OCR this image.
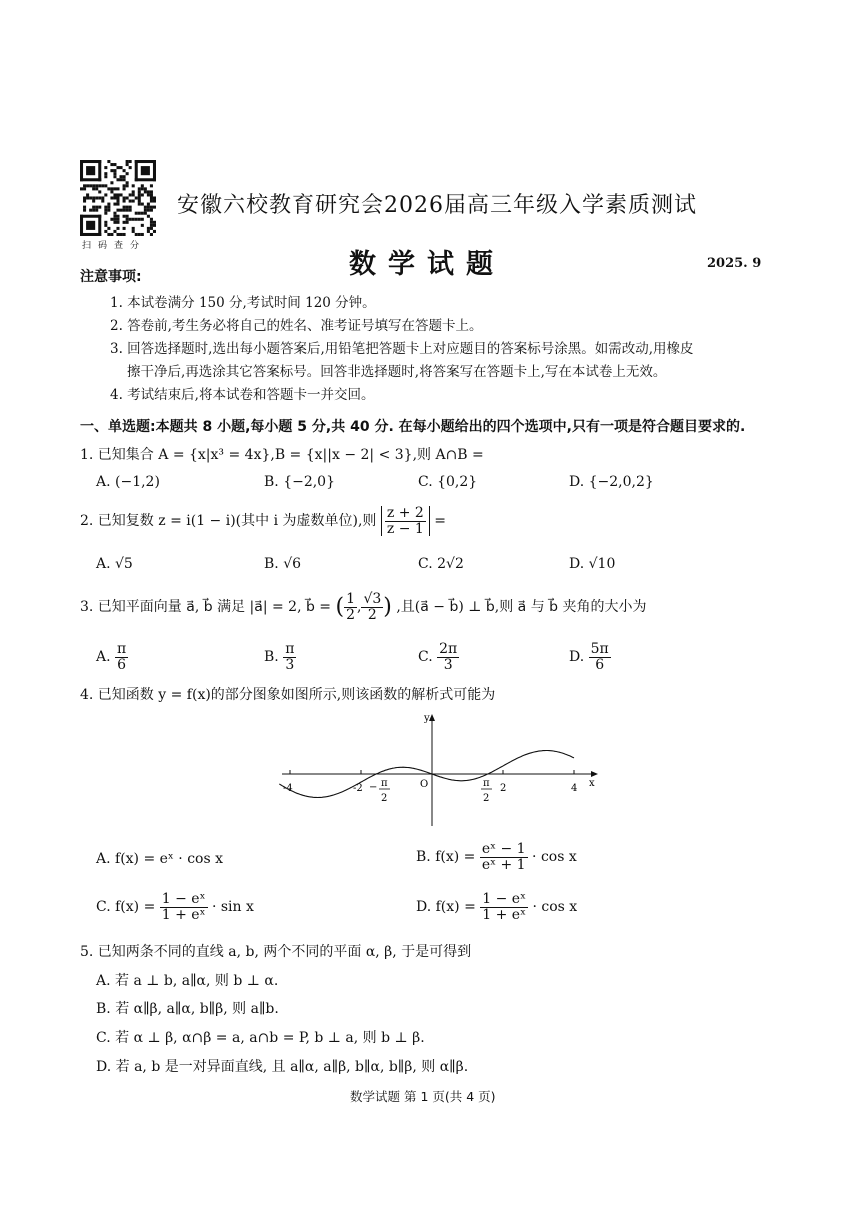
扫码查分
安徽六校教育研究会2026届高三年级入学素质测试
数学试题	2025. 9
注意事项:
1. 本试卷满分 150 分,考试时间 120 分钟。
2. 答卷前,考生务必将自己的姓名、准考证号填写在答题卡上。
3. 回答选择题时,选出每小题答案后,用铅笔把答题卡上对应题目的答案标号涂黑。如需改动,用橡皮
擦干净后,再选涂其它答案标号。回答非选择题时,将答案写在答题卡上,写在本试卷上无效。
4. 考试结束后,将本试卷和答题卡一并交回。
一、单选题:本题共 8 小题,每小题 5 分,共 40 分. 在每小题给出的四个选项中,只有一项是符合题目要求的.
1. 已知集合 A = {x|x³ = 4x},B = {x||x − 2| < 3},则 A∩B =
A. (−1,2)	B. {−2,0}	C. {0,2}	D. {−2,0,2}
2. 已知复数 z = i(1 − i)(其中 i 为虚数单位),则 $\frac{z + 2}{z - 1}$ =
A. √5	B. √6	C. 2√2	D. √10
3. 已知平面向量 a⃗, b⃗ 满足 |a⃗| = 2, b⃗ = ( $\frac{1}{2}$ , $\frac{√3}{2}$ ) ,且(a⃗ − b⃗) ⊥ b⃗,则 a⃗ 与 b⃗ 夹角的大小为
A. $\frac{\pi}{6}$	B. $\frac{\pi}{3}$	C. $\frac{2\pi}{3}$	D. $\frac{5\pi}{6}$
4. 已知函数 y = f(x)的部分图象如图所示,则该函数的解析式可能为
y
x
O
-4	-2	2	4
− π
2
π
2
A. f(x) = eˣ · cos x	B. $f(x) = \frac{\text{eˣ − 1}}{\text{eˣ + 1}} \cdot \cos x$
C. $f(x) = \frac{\text{1 − eˣ}}{\text{1 + eˣ}} \cdot \sin x$	D. $f(x) = \frac{\text{1 − eˣ}}{\text{1 + eˣ}} \cdot \cos x$
5. 已知两条不同的直线 a, b, 两个不同的平面 α, β, 于是可得到
A. 若 a ⊥ b, a∥α, 则 b ⊥ α.
B. 若 α∥β, a∥α, b∥β, 则 a∥b.
C. 若 α ⊥ β, α∩β = a, a∩b = P, b ⊥ a, 则 b ⊥ β.
D. 若 a, b 是一对异面直线, 且 a∥α, a∥β, b∥α, b∥β, 则 α∥β.
数学试题 第 1 页(共 4 页)
